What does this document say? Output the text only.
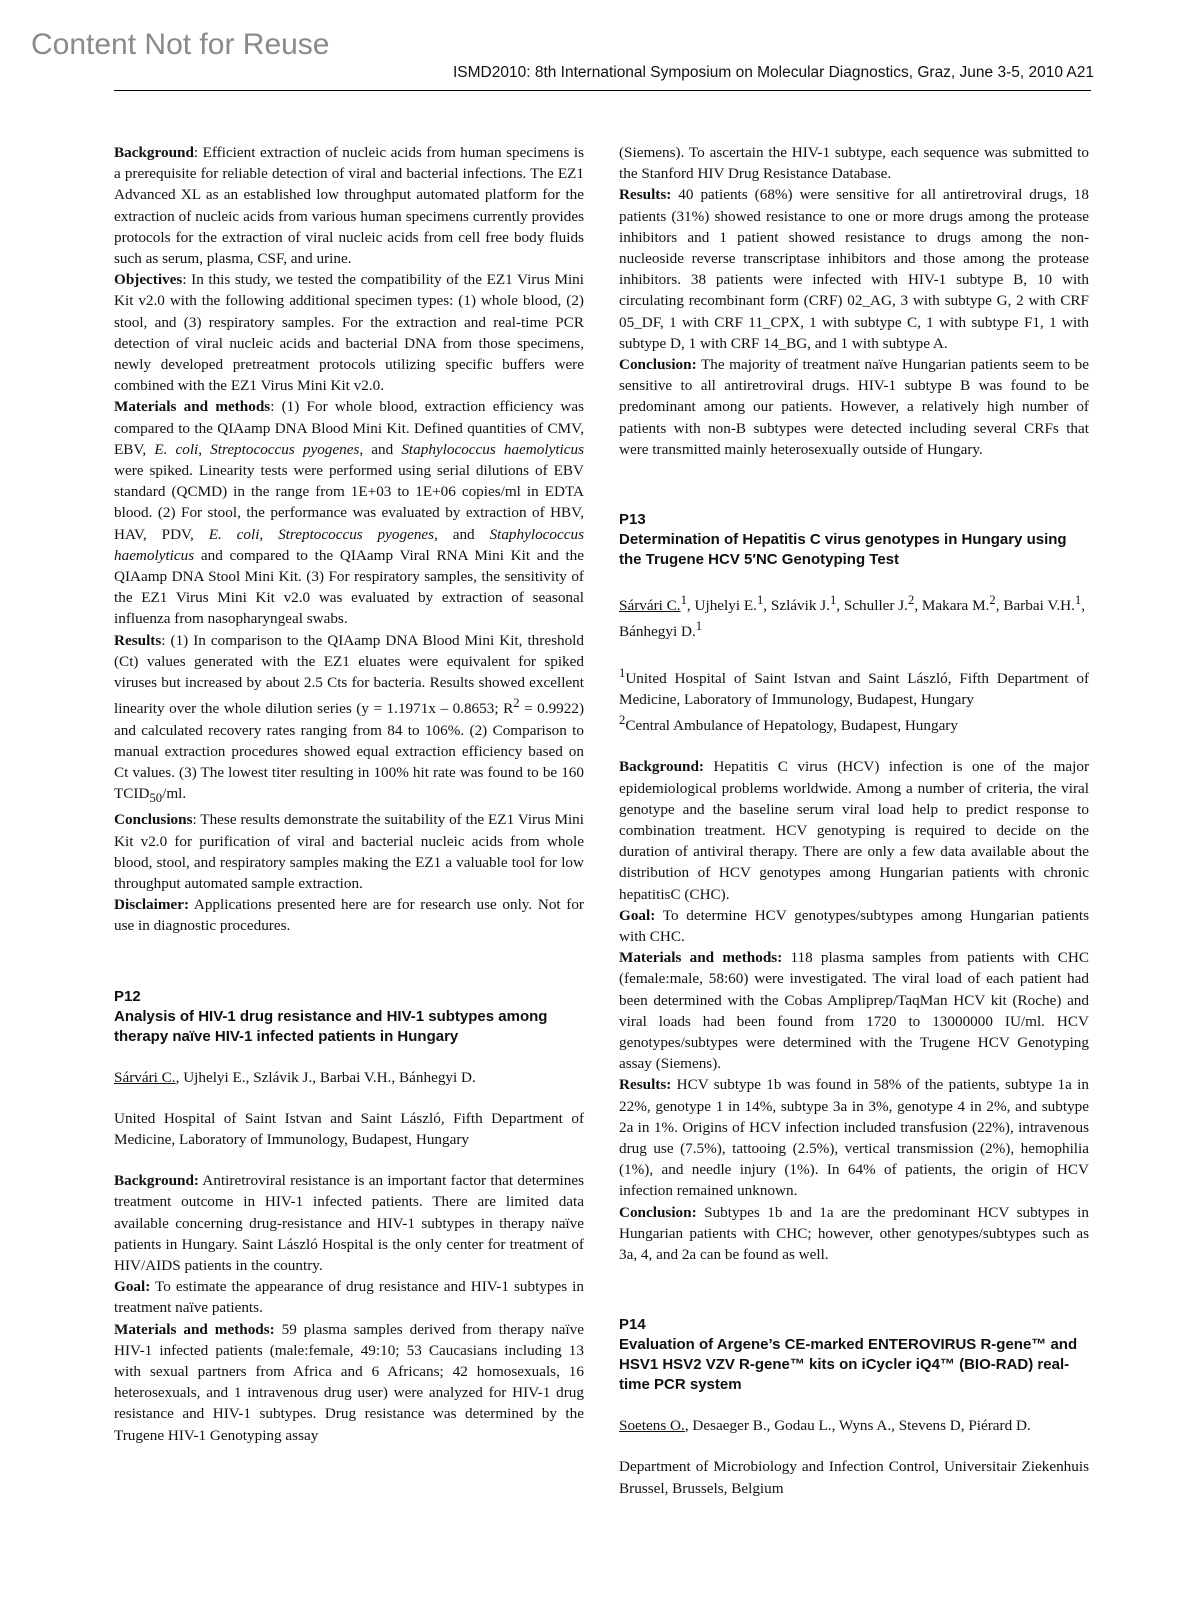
Content Not for Reuse
ISMD2010: 8th International Symposium on Molecular Diagnostics, Graz, June 3-5, 2010 A21

Background: Efficient extraction of nucleic acids from human specimens is a prerequisite for reliable detection of viral and bacterial infections. The EZ1 Advanced XL as an established low throughput automated platform for the extraction of nucleic acids from various human specimens currently provides protocols for the extraction of viral nucleic acids from cell free body fluids such as serum, plasma, CSF, and urine.

Objectives: In this study, we tested the compatibility of the EZ1 Virus Mini Kit v2.0 with the following additional specimen types: (1) whole blood, (2) stool, and (3) respiratory samples. For the extraction and real-time PCR detection of viral nucleic acids and bacterial DNA from those specimens, newly developed pretreatment protocols utilizing specific buffers were combined with the EZ1 Virus Mini Kit v2.0.

Materials and methods: (1) For whole blood, extraction efficiency was compared to the QIAamp DNA Blood Mini Kit. Defined quantities of CMV, EBV, E. coli, Streptococcus pyogenes, and Staphylococcus haemolyticus were spiked. Linearity tests were performed using serial dilutions of EBV standard (QCMD) in the range from 1E+03 to 1E+06 copies/ml in EDTA blood. (2) For stool, the performance was evaluated by extraction of HBV, HAV, PDV, E. coli, Streptococcus pyogenes, and Staphylococcus haemolyticus and compared to the QIAamp Viral RNA Mini Kit and the QIAamp DNA Stool Mini Kit. (3) For respiratory samples, the sensitivity of the EZ1 Virus Mini Kit v2.0 was evaluated by extraction of seasonal influenza from nasopharyngeal swabs.

Results: (1) In comparison to the QIAamp DNA Blood Mini Kit, threshold (Ct) values generated with the EZ1 eluates were equivalent for spiked viruses but increased by about 2.5 Cts for bacteria. Results showed excellent linearity over the whole dilution series (y = 1.1971x – 0.8653; $R^2 = 0.9922$) and calculated recovery rates ranging from 84 to 106%. (2) Comparison to manual extraction procedures showed equal extraction efficiency based on Ct values. (3) The lowest titer resulting in 100% hit rate was found to be 160 $TCID_{50}/ml$.

Conclusions: These results demonstrate the suitability of the EZ1 Virus Mini Kit v2.0 for purification of viral and bacterial nucleic acids from whole blood, stool, and respiratory samples making the EZ1 a valuable tool for low throughput automated sample extraction.

Disclaimer: Applications presented here are for research use only. Not for use in diagnostic procedures.

P12

Analysis of HIV-1 drug resistance and HIV-1 subtypes among therapy naïve HIV-1 infected patients in Hungary

Sárvári C., Ujhelyi E., Szlávik J., Barbai V.H., Bánhegyi D.

United Hospital of Saint Istvan and Saint László, Fifth Department of Medicine, Laboratory of Immunology, Budapest, Hungary

Background: Antiretroviral resistance is an important factor that determines treatment outcome in HIV-1 infected patients. There are limited data available concerning drug-resistance and HIV-1 subtypes in therapy naïve patients in Hungary. Saint László Hospital is the only center for treatment of HIV/AIDS patients in the country.

Goal: To estimate the appearance of drug resistance and HIV-1 subtypes in treatment naïve patients.

Materials and methods: 59 plasma samples derived from therapy naïve HIV-1 infected patients (male:female, 49:10; 53 Caucasians including 13 with sexual partners from Africa and 6 Africans; 42 homosexuals, 16 heterosexuals, and 1 intravenous drug user) were analyzed for HIV-1 drug resistance and HIV-1 subtypes. Drug resistance was determined by the Trugene HIV-1 Genotyping assay

(Siemens). To ascertain the HIV-1 subtype, each sequence was submitted to the Stanford HIV Drug Resistance Database.

Results: 40 patients (68%) were sensitive for all antiretroviral drugs, 18 patients (31%) showed resistance to one or more drugs among the protease inhibitors and 1 patient showed resistance to drugs among the non-nucleoside reverse transcriptase inhibitors and those among the protease inhibitors. 38 patients were infected with HIV-1 subtype B, 10 with circulating recombinant form (CRF) 02_AG, 3 with subtype G, 2 with CRF 05_DF, 1 with CRF 11_CPX, 1 with subtype C, 1 with subtype F1, 1 with subtype D, 1 with CRF 14_BG, and 1 with subtype A.

Conclusion: The majority of treatment naïve Hungarian patients seem to be sensitive to all antiretroviral drugs. HIV-1 subtype B was found to be predominant among our patients. However, a relatively high number of patients with non-B subtypes were detected including several CRFs that were transmitted mainly heterosexually outside of Hungary.

P13

Determination of Hepatitis C virus genotypes in Hungary using the Trugene HCV 5′NC Genotyping Test

Sárvári C.$^1$, Ujhelyi E.$^1$, Szlávik J.$^1$, Schuller J.$^2$, Makara M.$^2$, Barbai V.H.$^1$, Bánhegyi D.$^1$

$^1$United Hospital of Saint Istvan and Saint László, Fifth Department of Medicine, Laboratory of Immunology, Budapest, Hungary

$^2$Central Ambulance of Hepatology, Budapest, Hungary

Background: Hepatitis C virus (HCV) infection is one of the major epidemiological problems worldwide. Among a number of criteria, the viral genotype and the baseline serum viral load help to predict response to combination treatment. HCV genotyping is required to decide on the duration of antiviral therapy. There are only a few data available about the distribution of HCV genotypes among Hungarian patients with chronic hepatitisC (CHC).

Goal: To determine HCV genotypes/subtypes among Hungarian patients with CHC.

Materials and methods: 118 plasma samples from patients with CHC (female:male, 58:60) were investigated. The viral load of each patient had been determined with the Cobas Ampliprep/TaqMan HCV kit (Roche) and viral loads had been found from 1720 to 13000000 IU/ml. HCV genotypes/subtypes were determined with the Trugene HCV Genotyping assay (Siemens).

Results: HCV subtype 1b was found in 58% of the patients, subtype 1a in 22%, genotype 1 in 14%, subtype 3a in 3%, genotype 4 in 2%, and subtype 2a in 1%. Origins of HCV infection included transfusion (22%), intravenous drug use (7.5%), tattooing (2.5%), vertical transmission (2%), hemophilia (1%), and needle injury (1%). In 64% of patients, the origin of HCV infection remained unknown.

Conclusion: Subtypes 1b and 1a are the predominant HCV subtypes in Hungarian patients with CHC; however, other genotypes/subtypes such as 3a, 4, and 2a can be found as well.

P14

Evaluation of Argene’s CE-marked ENTEROVIRUS R-gene™ and HSV1 HSV2 VZV R-gene™ kits on iCycler iQ4™ (BIO-RAD) real-time PCR system

Soetens O., Desaeger B., Godau L., Wyns A., Stevens D, Piérard D.

Department of Microbiology and Infection Control, Universitair Ziekenhuis Brussel, Brussels, Belgium
